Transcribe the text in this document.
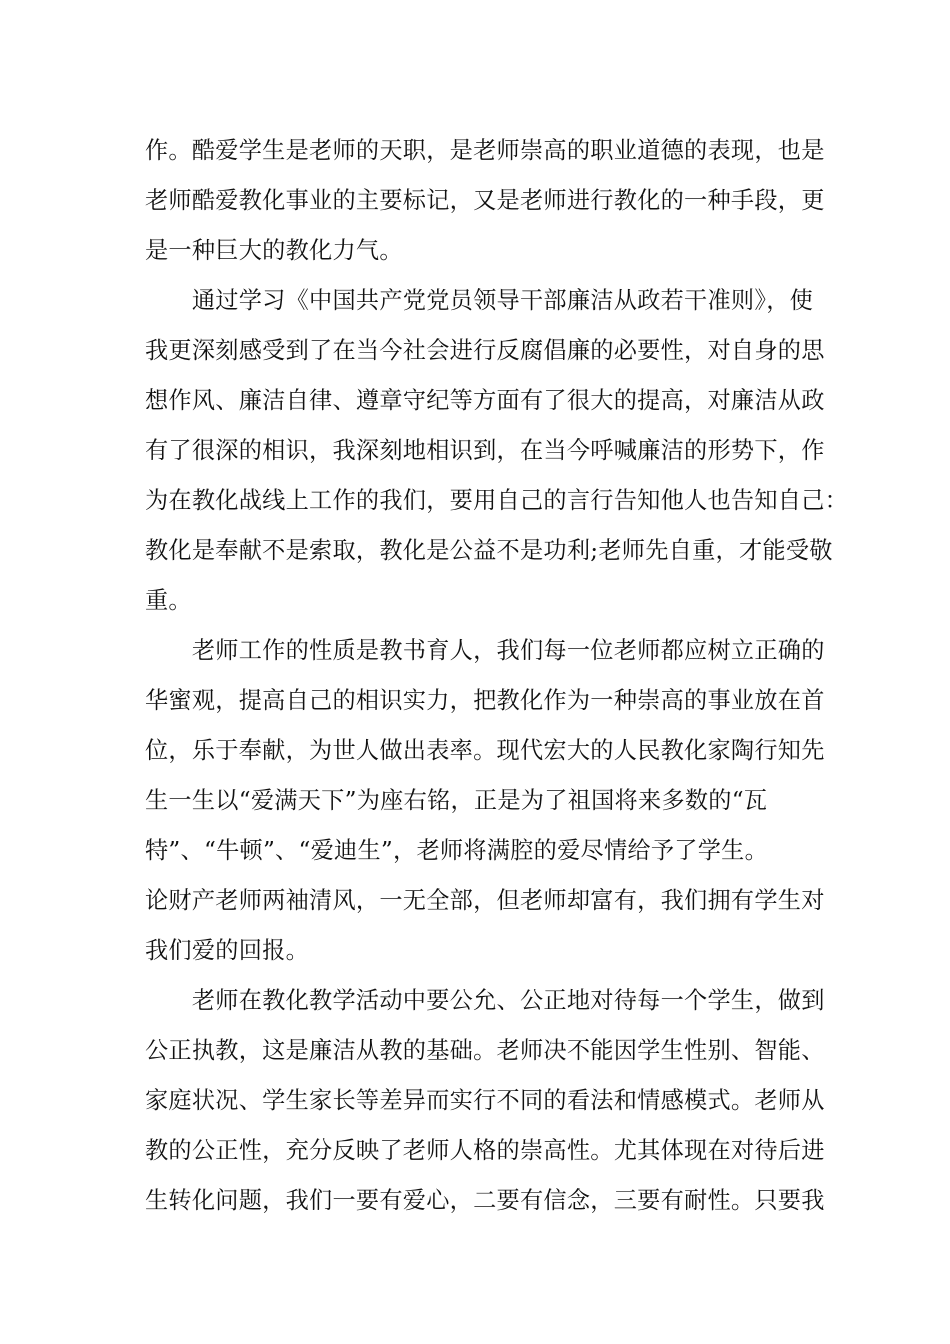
作。酷爱学生是老师的天职，是老师崇高的职业道德的表现，也是
老师酷爱教化事业的主要标记，又是老师进行教化的一种手段，更
是一种巨大的教化力气。
　　通过学习《中国共产党党员领导干部廉洁从政若干准则》，使
我更深刻感受到了在当今社会进行反腐倡廉的必要性，对自身的思
想作风、廉洁自律、遵章守纪等方面有了很大的提高，对廉洁从政
有了很深的相识，我深刻地相识到，在当今呼喊廉洁的形势下，作
为在教化战线上工作的我们，要用自己的言行告知他人也告知自己：
教化是奉献不是索取，教化是公益不是功利;老师先自重，才能受敬
重。
　　老师工作的性质是教书育人，我们每一位老师都应树立正确的
华蜜观，提高自己的相识实力，把教化作为一种崇高的事业放在首
位，乐于奉献，为世人做出表率。现代宏大的人民教化家陶行知先
生一生以“爱满天下”为座右铭，正是为了祖国将来多数的“瓦
特”、“牛顿”、“爱迪生”，老师将满腔的爱尽情给予了学生。
论财产老师两袖清风，一无全部，但老师却富有，我们拥有学生对
我们爱的回报。
　　老师在教化教学活动中要公允、公正地对待每一个学生，做到
公正执教，这是廉洁从教的基础。老师决不能因学生性别、智能、
家庭状况、学生家长等差异而实行不同的看法和情感模式。老师从
教的公正性，充分反映了老师人格的崇高性。尤其体现在对待后进
生转化问题，我们一要有爱心，二要有信念，三要有耐性。只要我
